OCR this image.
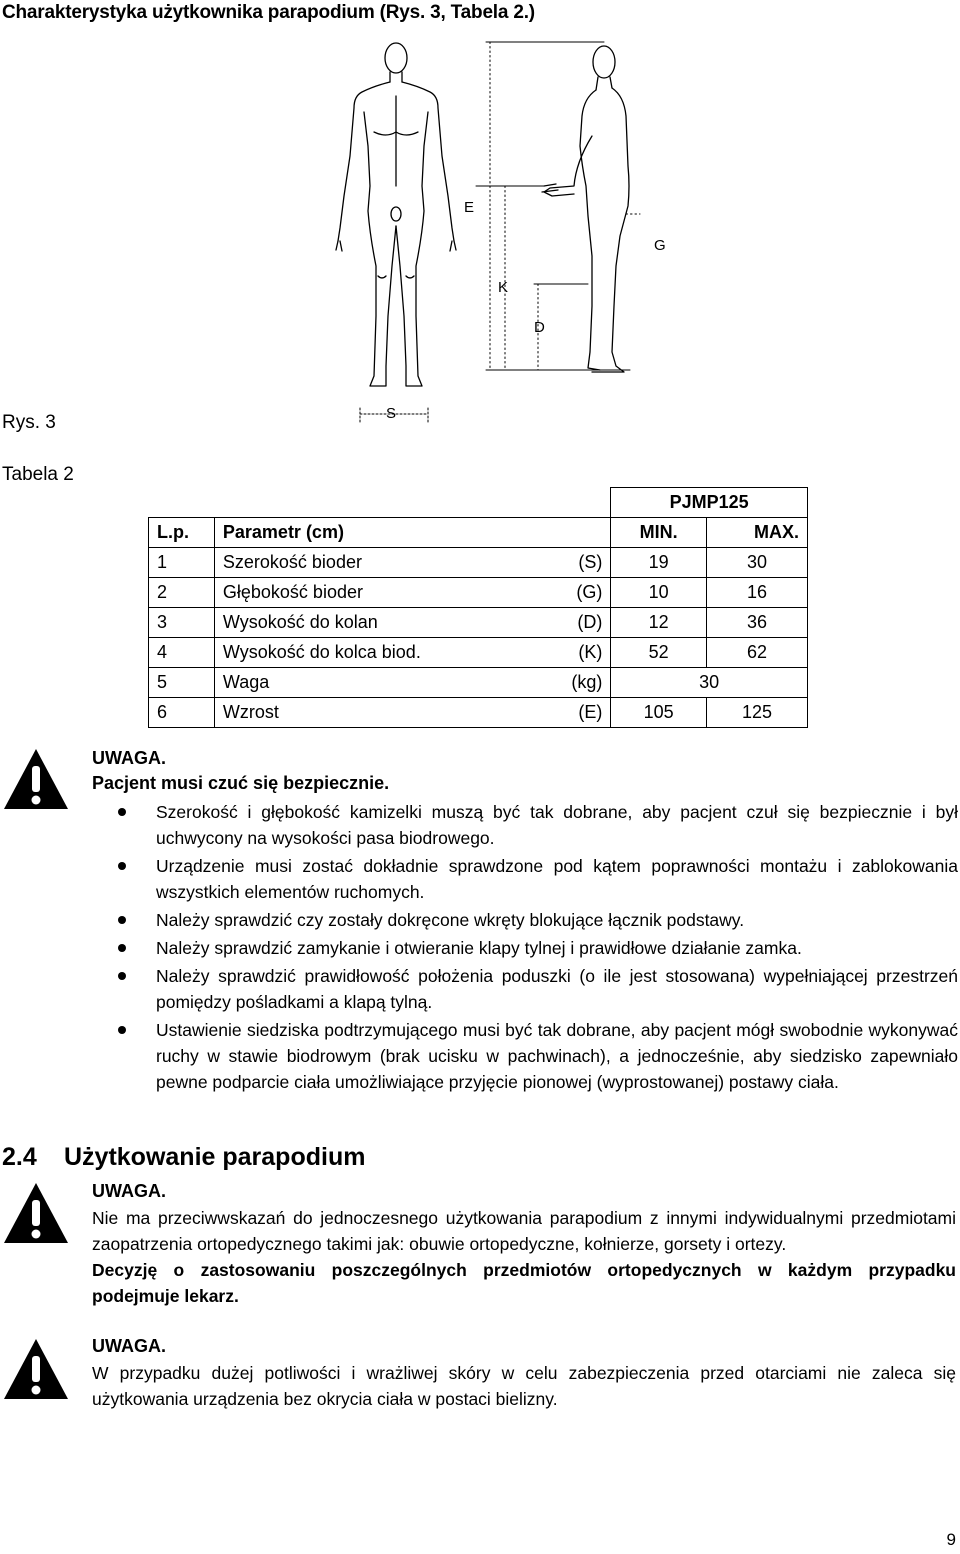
Charakterystyka użytkownika parapodium (Rys. 3, Tabela 2.)
E
K
D
G
S
Rys. 3
Tabela 2
			PJMP125	
L.p.	Parametr (cm)		MIN.	MAX.
1	Szerokość bioder	(S)	19	30
2	Głębokość bioder	(G)	10	16
3	Wysokość do kolan	(D)	12	36
4	Wysokość do kolca biod.	(K)	52	62
5	Waga	(kg)	30	
6	Wzrost	(E)	105	125
UWAGA.
Pacjent musi czuć się bezpiecznie.
Szerokość i głębokość kamizelki muszą być tak dobrane, aby pacjent czuł się bezpiecznie i był uchwycony na wysokości pasa biodrowego.
Urządzenie musi zostać dokładnie sprawdzone pod kątem poprawności montażu i zablokowania wszystkich elementów ruchomych.
Należy sprawdzić czy zostały dokręcone wkręty blokujące łącznik podstawy.
Należy sprawdzić zamykanie i otwieranie klapy tylnej i prawidłowe działanie zamka.
Należy sprawdzić prawidłowość położenia poduszki (o ile jest stosowana) wypełniającej przestrzeń pomiędzy pośladkami a klapą tylną.
Ustawienie siedziska podtrzymującego musi być tak dobrane, aby pacjent mógł swobodnie wykonywać ruchy w stawie biodrowym (brak ucisku w pachwinach), a jednocześnie, aby siedzisko zapewniało pewne podparcie ciała umożliwiające przyjęcie pionowej (wyprostowanej) postawy ciała.
2.4 Użytkowanie parapodium
UWAGA.
Nie ma przeciwwskazań do jednoczesnego użytkowania parapodium z innymi indywidualnymi przedmiotami zaopatrzenia ortopedycznego takimi jak: obuwie ortopedyczne, kołnierze, gorsety i ortezy.
Decyzję o zastosowaniu poszczególnych przedmiotów ortopedycznych w każdym przypadku podejmuje lekarz.
UWAGA.
W przypadku dużej potliwości i wrażliwej skóry w celu zabezpieczenia przed otarciami nie zaleca się użytkowania urządzenia bez okrycia ciała w postaci bielizny.
9
